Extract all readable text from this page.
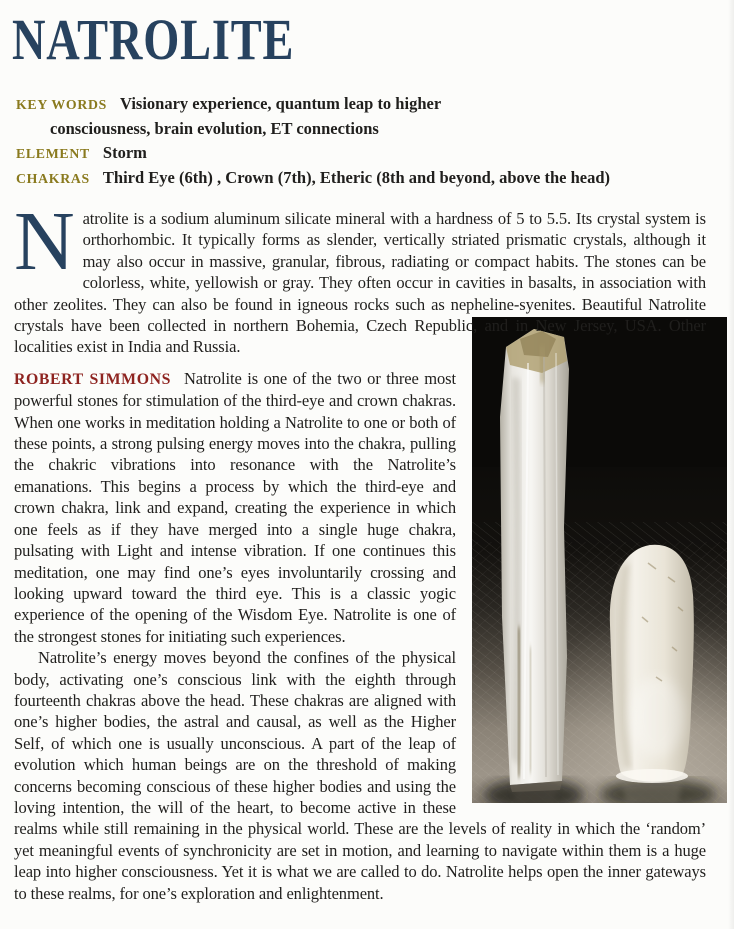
NATROLITE
KEY WORDS Visionary experience, quantum leap to higher consciousness, brain evolution, ET connections
ELEMENT Storm
CHAKRAS Third Eye (6th) , Crown (7th), Etheric (8th and beyond, above the head)

Natrolite is a sodium aluminum silicate mineral with a hardness of 5 to 5.5. Its crystal system is orthorhombic. It typically forms as slender, vertically striated prismatic crystals, although it may also occur in massive, granular, fibrous, radiating or compact habits. The stones can be colorless, white, yellowish or gray. They often occur in cavities in basalts, in association with other zeolites. They can also be found in igneous rocks such as nepheline-syenites. Beautiful Natrolite crystals have been collected in northern Bohemia,
Czech Republic, and in New Jersey, USA. Other localities exist in India and Russia.

ROBERT SIMMONS Natrolite is one of the two or three most powerful stones for stimulation of the third-eye and crown chakras. When one works in meditation holding a Natrolite to one or both of these points, a strong pulsing energy moves into the chakra, pulling the chakric vibrations into resonance with the Natrolite’s emanations. This begins a process by which the third-eye and crown chakra, link and expand, creating the experience in which one feels as if they have merged into a single huge chakra, pulsating with Light and intense vibration. If one continues this meditation, one may find one’s eyes involuntarily crossing and looking upward toward the third eye. This is a classic yogic experience of the opening of the Wisdom Eye. Natrolite is one of the strongest stones for initiating such experiences.

Natrolite’s energy moves beyond the confines of the physical body, activating one’s conscious link with the eighth through fourteenth chakras above the head. These chakras are aligned with one’s higher bodies, the astral and causal, as well as the Higher Self, of which one is usually unconscious. A part of the leap of evolution which human beings are on the threshold of making concerns becoming conscious of these higher bodies and using the loving intention, the will of the heart, to become active in these realms while still remaining in the physical world. These are the levels of reality in which the ‘random’ yet meaningful events of synchronicity are set in motion, and learning to navigate within them is a huge leap into higher consciousness. Yet it is what we are called to do. Natrolite helps open the inner gateways to these realms, for one’s exploration and enlightenment.
